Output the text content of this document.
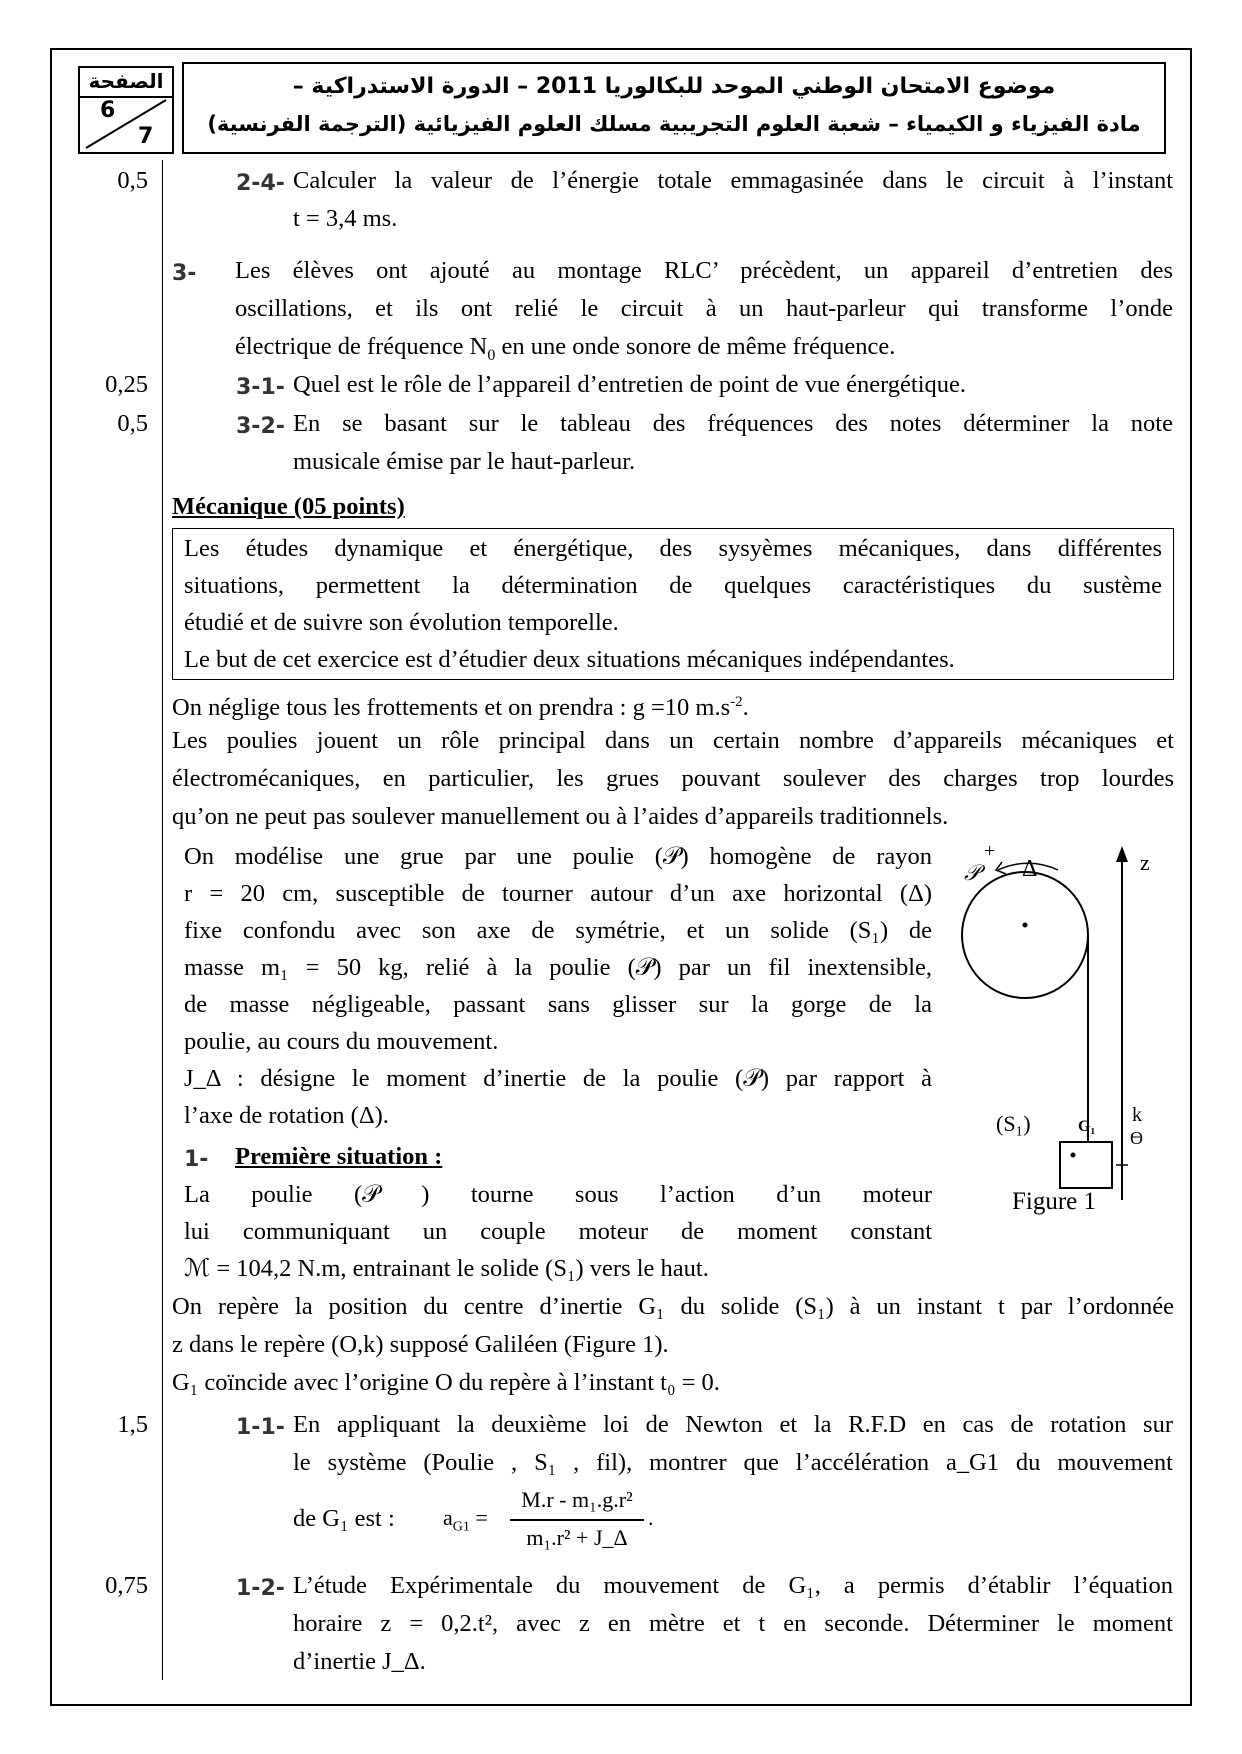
الصفحة
6
7
موضوع الامتحان الوطني الموحد للبكالوريا 2011 – الدورة الاستدراكية –
مادة الفيزياء و الكيمياء – شعبة العلوم التجريبية مسلك العلوم الفيزيائية (الترجمة الفرنسية)
0,5
0,25
0,5
1,5
0,75
2-4- Calculer la valeur de l’énergie totale emmagasinée dans le circuit à l’instant
t = 3,4 ms.
3- Les élèves ont ajouté au montage RLC’ précèdent, un appareil d’entretien des
oscillations, et ils ont relié le circuit à un haut-parleur qui transforme l’onde
électrique de fréquence $N_0$ en une onde sonore de même fréquence.
3-1- Quel est le rôle de l’appareil d’entretien de point de vue énergétique.
3-2- En se basant sur le tableau des fréquences des notes déterminer la note
musicale émise par le haut-parleur.
Mécanique (05 points)
Les études dynamique et énergétique, des sysyèmes mécaniques, dans différentes
situations, permettent la détermination de quelques caractéristiques du sustème
étudié et de suivre son évolution temporelle.
Le but de cet exercice est d’étudier deux situations mécaniques indépendantes.
On néglige tous les frottements et on prendra : g =10 $m.s^{-2}$.
Les poulies jouent un rôle principal dans un certain nombre d’appareils mécaniques et
électromécaniques, en particulier, les grues pouvant soulever des charges trop lourdes
qu’on ne peut pas soulever manuellement ou à l’aides d’appareils traditionnels.
On modélise une grue par une poulie (𝒫) homogène de rayon
r = 20 cm, susceptible de tourner autour d’un axe horizontal (Δ)
fixe confondu avec son axe de symétrie, et un solide (S₁) de
masse m₁ = 50 kg, relié à la poulie (𝒫) par un fil inextensible,
de masse négligeable, passant sans glisser sur la gorge de la
poulie, au cours du mouvement.
J_Δ : désigne le moment d’inertie de la poulie (𝒫) par rapport à
l’axe de rotation (Δ).
1- Première situation :
La poulie (𝒫 ) tourne sous l’action d’un moteur
lui communiquant un couple moteur de moment constant
ℳ = 104,2 N.m, entrainant le solide (S₁) vers le haut.
On repère la position du centre d’inertie G₁ du solide (S₁) à un instant t par l’ordonnée
z dans le repère (O,k) supposé Galiléen (Figure 1).
G₁ coïncide avec l’origine O du repère à l’instant t₀ = 0.
1-1- En appliquant la deuxième loi de Newton et la R.F.D en cas de rotation sur
le système (Poulie , S₁ , fil), montrer que l’accélération a_G1 du mouvement
de G₁ est : $a_{G1}$ =
M.r - m₁.g.r²
m₁.r² + J_Δ
.
1-2- L’étude Expérimentale du mouvement de G₁, a permis d’établir l’équation
horaire z = 0,2.t², avec z en mètre et t en seconde. Déterminer le moment
d’inertie J_Δ.
Δ
𝒫
+	z
(S₁)	G₁
k
O
Figure 1
